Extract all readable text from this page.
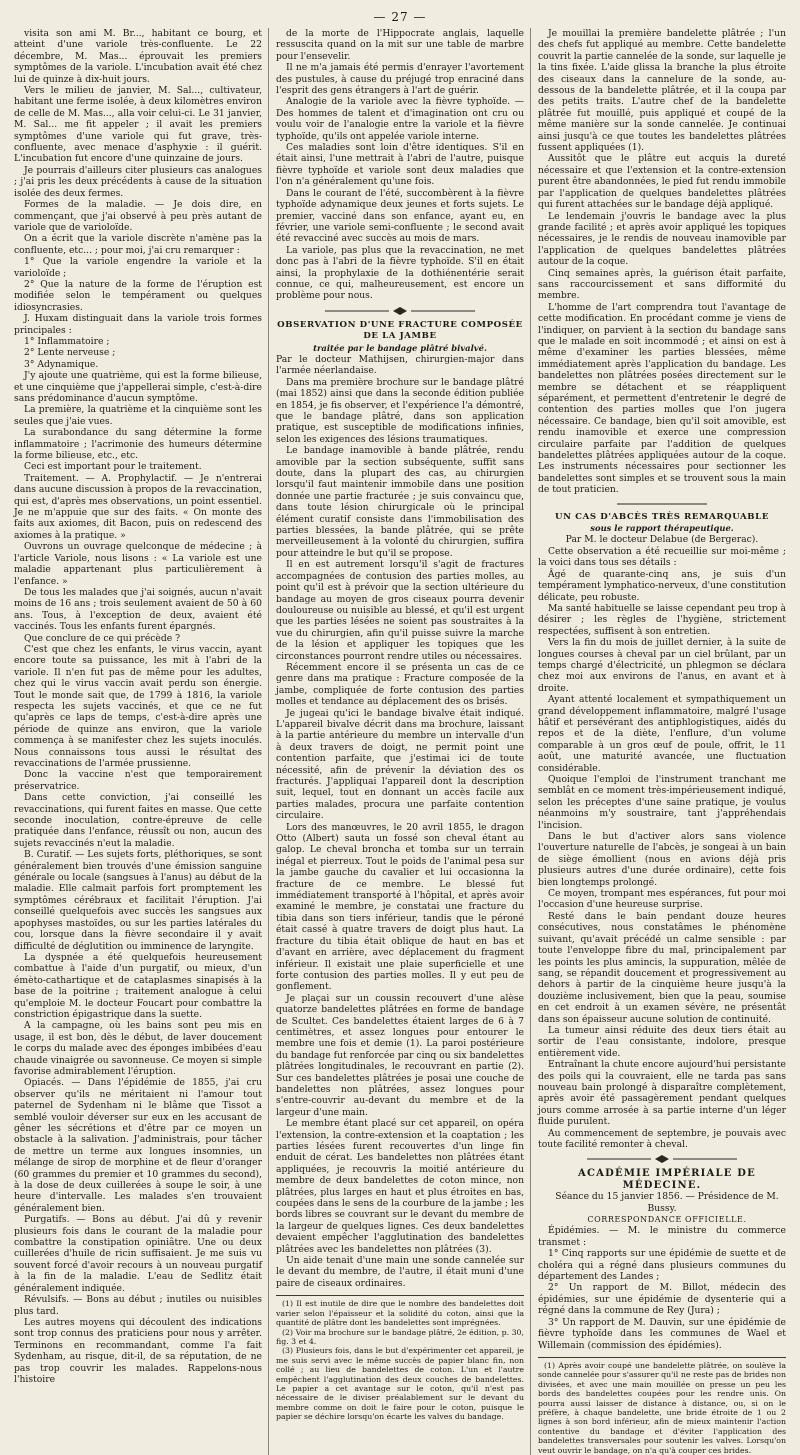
— 27 —

visita son ami M. Br..., habitant ce bourg, et atteint d'une variole très-confluente. Le 22 décembre, M. Mas... éprouvait les premiers symptômes de la variole. L'incubation avait été chez lui de quinze à dix-huit jours.

Vers le milieu de janvier, M. Sal..., cultivateur, habitant une ferme isolée, à deux kilomètres environ de celle de M. Mas..., alla voir celui-ci. Le 31 janvier, M. Sal... me fit appeler ; il avait les premiers symptômes d'une variole qui fut grave, très-confluente, avec menace d'asphyxie : il guérit. L'incubation fut encore d'une quinzaine de jours.

Je pourrais d'ailleurs citer plusieurs cas analogues ; j'ai pris les deux précédents à cause de la situation isolée des deux fermes.

Formes de la maladie. — Je dois dire, en commençant, que j'ai observé à peu près autant de variole que de varioloïde.

On a écrit que la variole discrète n'amène pas la confluente, etc... ; pour moi, j'ai cru remarquer :

1° Que la variole engendre la variole et la varioloïde ;

2° Que la nature de la forme de l'éruption est modifiée selon le tempérament ou quelques idiosyncrasies.

J. Huxam distinguait dans la variole trois formes principales :

1° Inflammatoire ;

2° Lente nerveuse ;

3° Adynamique.

J'y ajoute une quatrième, qui est la forme bilieuse, et une cinquième que j'appellerai simple, c'est-à-dire sans prédominance d'aucun symptôme.

La première, la quatrième et la cinquième sont les seules que j'aie vues.

La surabondance du sang détermine la forme inflammatoire ; l'acrimonie des humeurs détermine la forme bilieuse, etc., etc.

Ceci est important pour le traitement.

Traitement. — A. Prophylactif. — Je n'entrerai dans aucune discussion à propos de la revaccination, qui est, d'après mes observations, un point essentiel. Je ne m'appuie que sur des faits. « On monte des faits aux axiomes, dit Bacon, puis on redescend des axiomes à la pratique. »

Ouvrons un ouvrage quelconque de médecine ; à l'article Variole, nous lisons : « La variole est une maladie appartenant plus particulièrement à l'enfance. »

De tous les malades que j'ai soignés, aucun n'avait moins de 16 ans ; trois seulement avaient de 50 à 60 ans. Tous, à l'exception de deux, avaient été vaccinés. Tous les enfants furent épargnés.

Que conclure de ce qui précède ?

C'est que chez les enfants, le virus vaccin, ayant encore toute sa puissance, les mit à l'abri de la variole. Il n'en fut pas de même pour les adultes, chez qui le virus vaccin avait perdu son énergie. Tout le monde sait que, de 1799 à 1816, la variole respecta les sujets vaccinés, et que ce ne fut qu'après ce laps de temps, c'est-à-dire après une période de quinze ans environ, que la variole commença à se manifester chez les sujets inoculés. Nous connaissons tous aussi le résultat des revaccinations de l'armée prussienne.

Donc la vaccine n'est que temporairement préservatrice.

Dans cette conviction, j'ai conseillé les revaccinations, qui furent faites en masse. Que cette seconde inoculation, contre-épreuve de celle pratiquée dans l'enfance, réussît ou non, aucun des sujets revaccinés n'eut la maladie.

B. Curatif. — Les sujets forts, pléthoriques, se sont généralement bien trouvés d'une émission sanguine générale ou locale (sangsues à l'anus) au début de la maladie. Elle calmait parfois fort promptement les symptômes cérébraux et facilitait l'éruption. J'ai conseillé quelquefois avec succès les sangsues aux apophyses mastoïdes, ou sur les parties latérales du cou, lorsque dans la fièvre secondaire il y avait difficulté de déglutition ou imminence de laryngite.

La dyspnée a été quelquefois heureusement combattue à l'aide d'un purgatif, ou mieux, d'un émèto-cathartique et de cataplasmes sinapisés à la base de la poitrine ; traitement analogue à celui qu'emploie M. le docteur Foucart pour combattre la constriction épigastrique dans la suette.

A la campagne, où les bains sont peu mis en usage, il est bon, dès le début, de laver doucement le corps du malade avec des éponges imbibées d'eau chaude vinaigrée ou savonneuse. Ce moyen si simple favorise admirablement l'éruption.

Opiacés. — Dans l'épidémie de 1855, j'ai cru observer qu'ils ne méritaient ni l'amour tout paternel de Sydenham ni le blâme que Tissot a semblé vouloir déverser sur eux en les accusant de gêner les sécrétions et d'être par ce moyen un obstacle à la salivation. J'administrais, pour tâcher de mettre un terme aux longues insomnies, un mélange de sirop de morphine et de fleur d'oranger (60 grammes du premier et 10 grammes du second), à la dose de deux cuillerées à soupe le soir, à une heure d'intervalle. Les malades s'en trouvaient généralement bien.

Purgatifs. — Bons au début. J'ai dû y revenir plusieurs fois dans le courant de la maladie pour combattre la constipation opiniâtre. Une ou deux cuillerées d'huile de ricin suffisaient. Je me suis vu souvent forcé d'avoir recours à un nouveau purgatif à la fin de la maladie. L'eau de Sedlitz était généralement indiquée.

Révulsifs. — Bons au début ; inutiles ou nuisibles plus tard.

Les autres moyens qui découlent des indications sont trop connus des praticiens pour nous y arrêter. Terminons en recommandant, comme l'a fait Sydenham, au risque, dit-il, de sa réputation, de ne pas trop couvrir les malades. Rappelons-nous l'histoire

de la morte de l'Hippocrate anglais, laquelle ressuscita quand on la mit sur une table de marbre pour l'ensevelir.

Il ne m'a jamais été permis d'enrayer l'avortement des pustules, à cause du préjugé trop enraciné dans l'esprit des gens étrangers à l'art de guérir.

Analogie de la variole avec la fièvre typhoïde. — Des hommes de talent et d'imagination ont cru ou voulu voir de l'analogie entre la variole et la fièvre typhoïde, qu'ils ont appelée variole interne.

Ces maladies sont loin d'être identiques. S'il en était ainsi, l'une mettrait à l'abri de l'autre, puisque fièvre typhoïde et variole sont deux maladies que l'on n'a généralement qu'une fois.

Dans le courant de l'été, succombèrent à la fièvre typhoïde adynamique deux jeunes et forts sujets. Le premier, vacciné dans son enfance, ayant eu, en février, une variole semi-confluente ; le second avait été revacciné avec succès au mois de mars.

La variole, pas plus que la revaccination, ne met donc pas à l'abri de la fièvre typhoïde. S'il en était ainsi, la prophylaxie de la dothiénentérie serait connue, ce qui, malheureusement, est encore un problème pour nous.

OBSERVATION D'UNE FRACTURE COMPOSÉE DE LA JAMBE

traitée par le bandage plâtré bivalvé.

Par le docteur Mathijsen, chirurgien-major dans l'armée néerlandaise.

Dans ma première brochure sur le bandage plâtré (mai 1852) ainsi que dans la seconde édition publiée en 1854, je fis observer, et l'expérience l'a démontré, que le bandage plâtré, dans son application pratique, est susceptible de modifications infinies, selon les exigences des lésions traumatiques.

Le bandage inamovible à bande plâtrée, rendu amovible par la section subséquente, suffit sans doute, dans la plupart des cas, au chirurgien lorsqu'il faut maintenir immobile dans une position donnée une partie fracturée ; je suis convaincu que, dans toute lésion chirurgicale où le principal élément curatif consiste dans l'immobilisation des parties blessées, la bande plâtrée, qui se prête merveilleusement à la volonté du chirurgien, suffira pour atteindre le but qu'il se propose.

Il en est autrement lorsqu'il s'agit de fractures accompagnées de contusion des parties molles, au point qu'il est à prévoir que la section ultérieure du bandage au moyen de gros ciseaux pourra devenir douloureuse ou nuisible au blessé, et qu'il est urgent que les parties lésées ne soient pas soustraites à la vue du chirurgien, afin qu'il puisse suivre la marche de la lésion et appliquer les topiques que les circonstances pourront rendre utiles ou nécessaires.

Récemment encore il se présenta un cas de ce genre dans ma pratique : Fracture composée de la jambe, compliquée de forte contusion des parties molles et tendance au déplacement des os brisés.

Je jugeai qu'ici le bandage bivalve était indiqué. L'appareil bivalve décrit dans ma brochure, laissant à la partie antérieure du membre un intervalle d'un à deux travers de doigt, ne permit point une contention parfaite, que j'estimai ici de toute nécessité, afin de prévenir la déviation des os fracturés. J'appliquai l'appareil dont la description suit, lequel, tout en donnant un accès facile aux parties malades, procura une parfaite contention circulaire.

Lors des manœuvres, le 20 avril 1855, le dragon Otto (Albert) sauta un fossé son cheval étant au galop. Le cheval broncha et tomba sur un terrain inégal et pierreux. Tout le poids de l'animal pesa sur la jambe gauche du cavalier et lui occasionna la fracture de ce membre. Le blessé fut immédiatement transporté à l'hôpital, et après avoir examiné le membre, je constatai une fracture du tibia dans son tiers inférieur, tandis que le péroné était cassé à quatre travers de doigt plus haut. La fracture du tibia était oblique de haut en bas et d'avant en arrière, avec déplacement du fragment inférieur. Il existait une plaie superficielle et une forte contusion des parties molles. Il y eut peu de gonflement.

Je plaçai sur un coussin recouvert d'une alèse quatorze bandelettes plâtrées en forme de bandage de Scultet. Ces bandelettes étaient larges de 6 à 7 centimètres, et assez longues pour entourer le membre une fois et demie (1). La paroi postérieure du bandage fut renforcée par cinq ou six bandelettes plâtrées longitudinales, le recouvrant en partie (2). Sur ces bandelettes plâtrées je posai une couche de bandelettes non plâtrées, assez longues pour s'entre-couvrir au-devant du membre et de la largeur d'une main.

Le membre étant placé sur cet appareil, on opéra l'extension, la contre-extension et la coaptation ; les parties lésées furent recouvertes d'un linge fin enduit de cérat. Les bandelettes non plâtrées étant appliquées, je recouvris la moitié antérieure du membre de deux bandelettes de coton mince, non plâtrées, plus larges en haut et plus étroites en bas, coupées dans le sens de la courbure de la jambe ; les bords libres se couvrant sur le devant du membre de la largeur de quelques lignes. Ces deux bandelettes devaient empêcher l'agglutination des bandelettes plâtrées avec les bandelettes non plâtrées (3).

Un aide tenait d'une main une sonde cannelée sur le devant du membre, de l'autre, il était muni d'une paire de ciseaux ordinaires.

(1) Il est inutile de dire que le nombre des bandelettes doit varier selon l'épaisseur et la solidité du coton, ainsi que la quantité de plâtre dont les bandelettes sont imprégnées.

(2) Voir ma brochure sur le bandage plâtré, 2e édition, p. 30, fig. 3 et 4.

(3) Plusieurs fois, dans le but d'expérimenter cet appareil, je me suis servi avec le même succès de papier blanc fin, non collé ; au lieu de bandelettes de coton. L'un et l'autre empêchent l'agglutination des deux couches de bandelettes. Le papier a cet avantage sur le coton, qu'il n'est pas nécessaire de le diviser préalablement sur le devant du membre comme on doit le faire pour le coton, puisque le papier se déchire lorsqu'on écarte les valves du bandage.

Je mouillai la première bandelette plâtrée ; l'un des chefs fut appliqué au membre. Cette bandelette couvrit la partie cannelée de la sonde, sur laquelle je la tins fixée. L'aide glissa la branche la plus étroite des ciseaux dans la cannelure de la sonde, au-dessous de la bandelette plâtrée, et il la coupa par des petits traits. L'autre chef de la bandelette plâtrée fut mouillé, puis appliqué et coupé de la même manière sur la sonde cannelée. Je continuai ainsi jusqu'à ce que toutes les bandelettes plâtrées fussent appliquées (1).

Aussitôt que le plâtre eut acquis la dureté nécessaire et que l'extension et la contre-extension purent être abandonnées, le pied fut rendu immobile par l'application de quelques bandelettes plâtrées qui furent attachées sur le bandage déjà appliqué.

Le lendemain j'ouvris le bandage avec la plus grande facilité ; et après avoir appliqué les topiques nécessaires, je le rendis de nouveau inamovible par l'application de quelques bandelettes plâtrées autour de la coque.

Cinq semaines après, la guérison était parfaite, sans raccourcissement et sans difformité du membre.

L'homme de l'art comprendra tout l'avantage de cette modification. En procédant comme je viens de l'indiquer, on parvient à la section du bandage sans que le malade en soit incommodé ; et ainsi on est à même d'examiner les parties blessées, même immédiatement après l'application du bandage. Les bandelettes non plâtrées posées directement sur le membre se détachent et se réappliquent séparément, et permettent d'entretenir le degré de contention des parties molles que l'on jugera nécessaire. Ce bandage, bien qu'il soit amovible, est rendu inamovible et exerce une compression circulaire parfaite par l'addition de quelques bandelettes plâtrées appliquées autour de la coque. Les instruments nécessaires pour sectionner les bandelettes sont simples et se trouvent sous la main de tout praticien.

UN CAS D'ABCÈS TRÈS REMARQUABLE

sous le rapport thérapeutique.

Par M. le docteur Delabue (de Bergerac).

Cette observation a été recueillie sur moi-même ; la voici dans tous ses détails :

Âgé de quarante-cinq ans, je suis d'un tempérament lymphatico-nerveux, d'une constitution délicate, peu robuste.

Ma santé habituelle se laisse cependant peu trop à désirer ; les règles de l'hygiène, strictement respectées, suffisent à son entretien.

Vers la fin du mois de juillet dernier, à la suite de longues courses à cheval par un ciel brûlant, par un temps chargé d'électricité, un phlegmon se déclara chez moi aux environs de l'anus, en avant et à droite.

Ayant attenté localement et sympathiquement un grand développement inflammatoire, malgré l'usage hâtif et persévérant des antiphlogistiques, aidés du repos et de la diète, l'enflure, d'un volume comparable à un gros œuf de poule, offrit, le 11 août, une maturité avancée, une fluctuation considérable.

Quoique l'emploi de l'instrument tranchant me semblât en ce moment très-impérieusement indiqué, selon les préceptes d'une saine pratique, je voulus néanmoins m'y soustraire, tant j'appréhendais l'incision.

Dans le but d'activer alors sans violence l'ouverture naturelle de l'abcès, je songeai à un bain de siège émollient (nous en avions déjà pris plusieurs autres d'une durée ordinaire), cette fois bien longtemps prolongé.

Ce moyen, trompant mes espérances, fut pour moi l'occasion d'une heureuse surprise.

Resté dans le bain pendant douze heures consécutives, nous constatâmes le phénomène suivant, qu'avait précédé un calme sensible : par toute l'enveloppe fibre du mal, principalement par les points les plus amincis, la suppuration, mêlée de sang, se répandit doucement et progressivement au dehors à partir de la cinquième heure jusqu'à la douzième inclusivement, bien que la peau, soumise en cet endroit à un examen sévère, ne présentât dans son épaisseur aucune solution de continuité.

La tumeur ainsi réduite des deux tiers était au sortir de l'eau consistante, indolore, presque entièrement vide.

Entraînant la chute encore aujourd'hui persistante des poils qui la couvraient, elle ne tarda pas sans nouveau bain prolongé à disparaître complètement, après avoir été passagèrement pendant quelques jours comme arrosée à sa partie interne d'un léger fluide purulent.

Au commencement de septembre, je pouvais avec toute facilité remonter à cheval.

ACADÉMIE IMPÉRIALE DE MÉDECINE.

Séance du 15 janvier 1856. — Présidence de M. Bussy.

CORRESPONDANCE OFFICIELLE.

Épidémies. — M. le ministre du commerce transmet :

1° Cinq rapports sur une épidémie de suette et de choléra qui a régné dans plusieurs communes du département des Landes ;

2° Un rapport de M. Billot, médecin des épidémies, sur une épidémie de dysenterie qui a régné dans la commune de Rey (Jura) ;

3° Un rapport de M. Dauvin, sur une épidémie de fièvre typhoïde dans les communes de Wael et Willemain (commission des épidémies).

(1) Après avoir coupé une bandelette plâtrée, on soulève la sonde cannelée pour s'assurer qu'il ne reste pas de brides non divisées, et avec une main mouillée on presse un peu les bords des bandelettes coupées pour les rendre unis. On pourra aussi laisser de distance à distance, ou, si on le préfère, à chaque bandelette, une bride étroite de 1 ou 2 lignes à son bord inférieur, afin de mieux maintenir l'action contentive du bandage et d'éviter l'application des bandelettes transversales pour soutenir les valves. Lorsqu'on veut ouvrir le bandage, on n'a qu'à couper ces brides.
